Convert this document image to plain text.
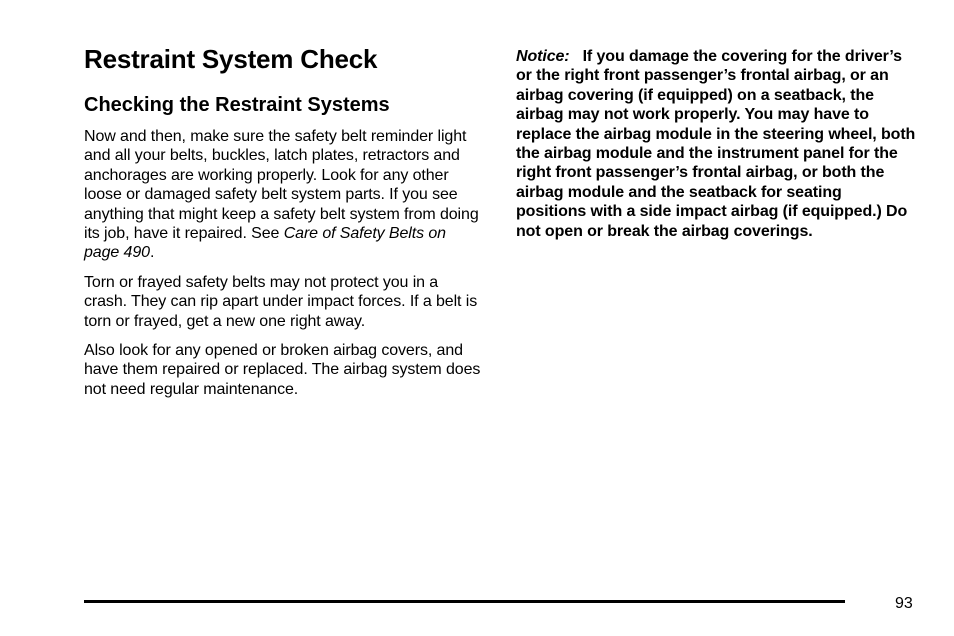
Restraint System Check
Checking the Restraint Systems

Now and then, make sure the safety belt reminder light and all your belts, buckles, latch plates, retractors and anchorages are working properly. Look for any other loose or damaged safety belt system parts. If you see anything that might keep a safety belt system from doing its job, have it repaired. See Care of Safety Belts on page 490.

Torn or frayed safety belts may not protect you in a crash. They can rip apart under impact forces. If a belt is torn or frayed, get a new one right away.

Also look for any opened or broken airbag covers, and have them repaired or replaced. The airbag system does not need regular maintenance.

Notice: If you damage the covering for the driver’s or the right front passenger’s frontal airbag, or an airbag covering (if equipped) on a seatback, the airbag may not work properly. You may have to replace the airbag module in the steering wheel, both the airbag module and the instrument panel for the right front passenger’s frontal airbag, or both the airbag module and the seatback for seating positions with a side impact airbag (if equipped.) Do not open or break the airbag coverings.

93
